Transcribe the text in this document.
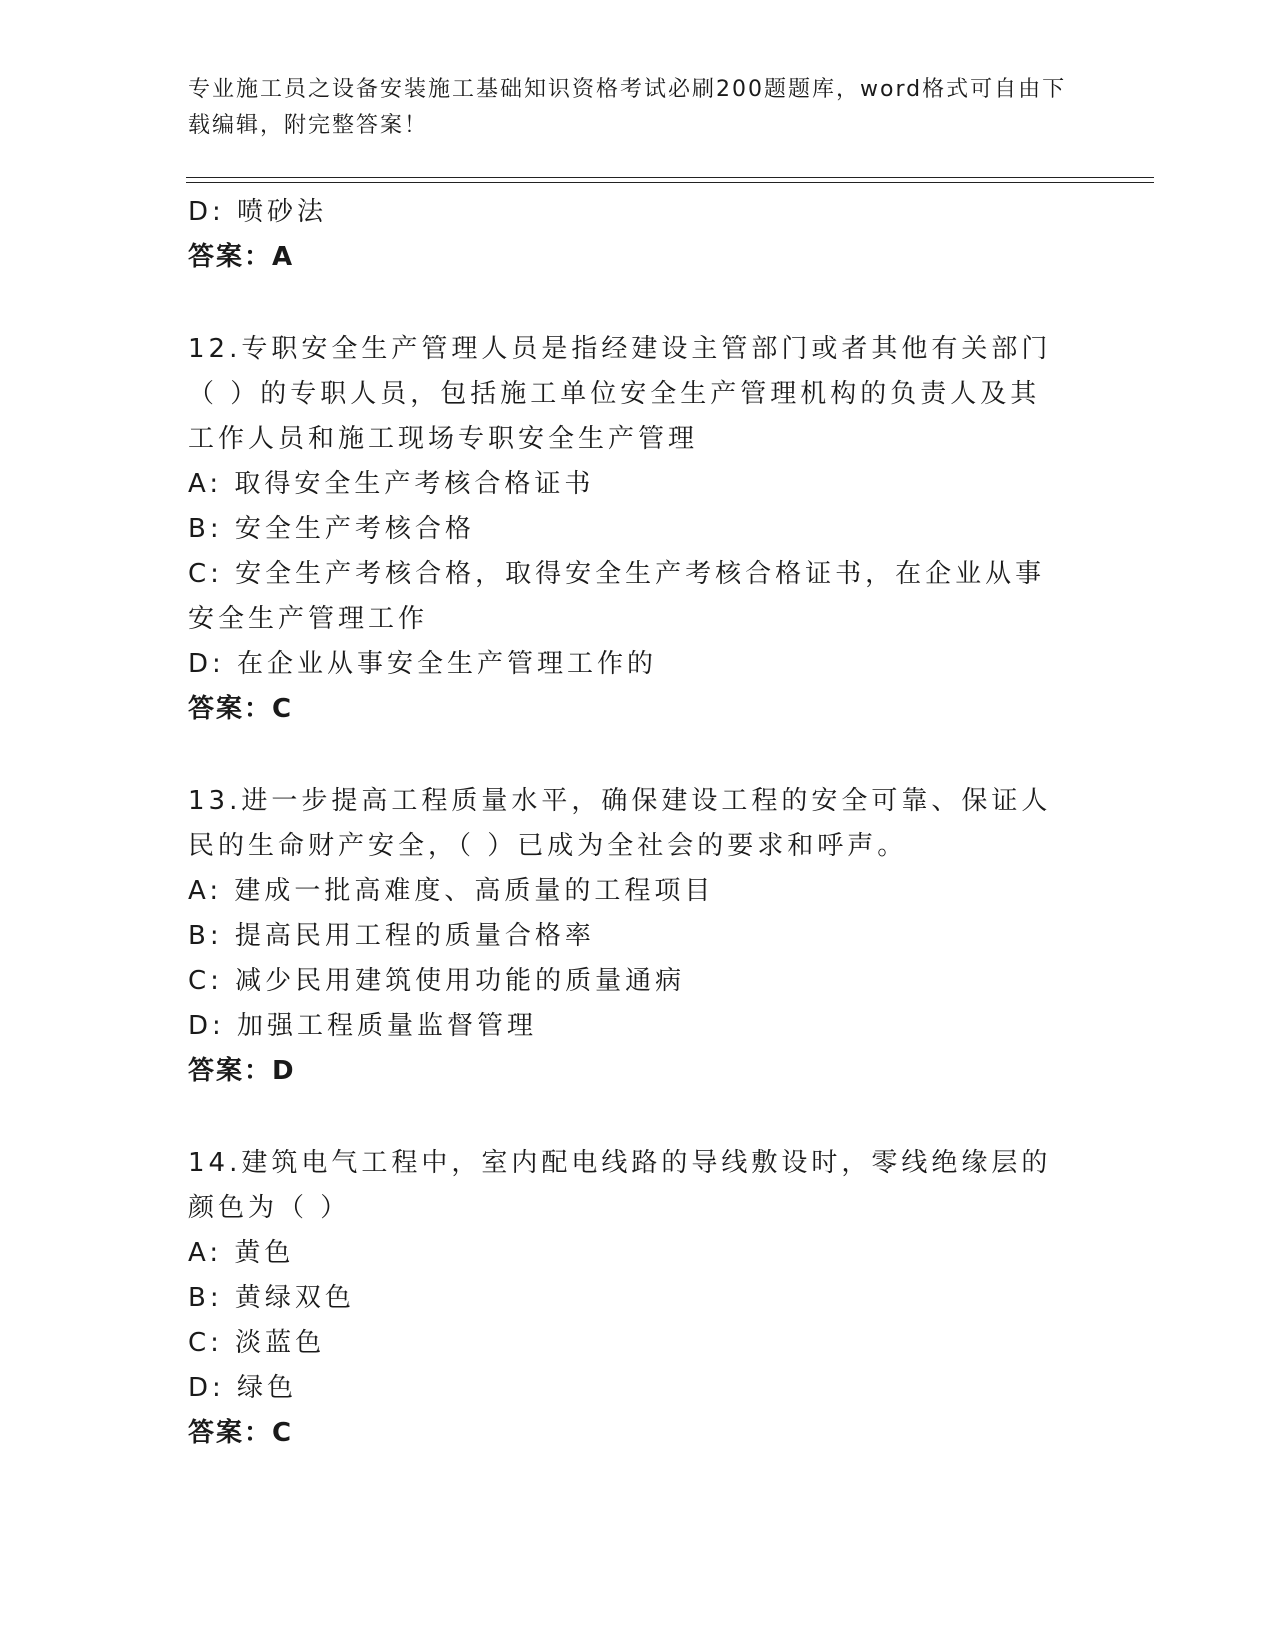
专业施工员之设备安装施工基础知识资格考试必刷200题题库，word格式可自由下载编辑，附完整答案！
D: 喷砂法
答案：A
12.专职安全生产管理人员是指经建设主管部门或者其他有关部门（ ）的专职人员，包括施工单位安全生产管理机构的负责人及其工作人员和施工现场专职安全生产管理
A: 取得安全生产考核合格证书
B: 安全生产考核合格
C: 安全生产考核合格，取得安全生产考核合格证书，在企业从事安全生产管理工作
D: 在企业从事安全生产管理工作的
答案：C
13.进一步提高工程质量水平，确保建设工程的安全可靠、保证人民的生命财产安全，（ ）已成为全社会的要求和呼声。
A: 建成一批高难度、高质量的工程项目
B: 提高民用工程的质量合格率
C: 减少民用建筑使用功能的质量通病
D: 加强工程质量监督管理
答案：D
14.建筑电气工程中，室内配电线路的导线敷设时，零线绝缘层的颜色为（ ）
A: 黄色
B: 黄绿双色
C: 淡蓝色
D: 绿色
答案：C
